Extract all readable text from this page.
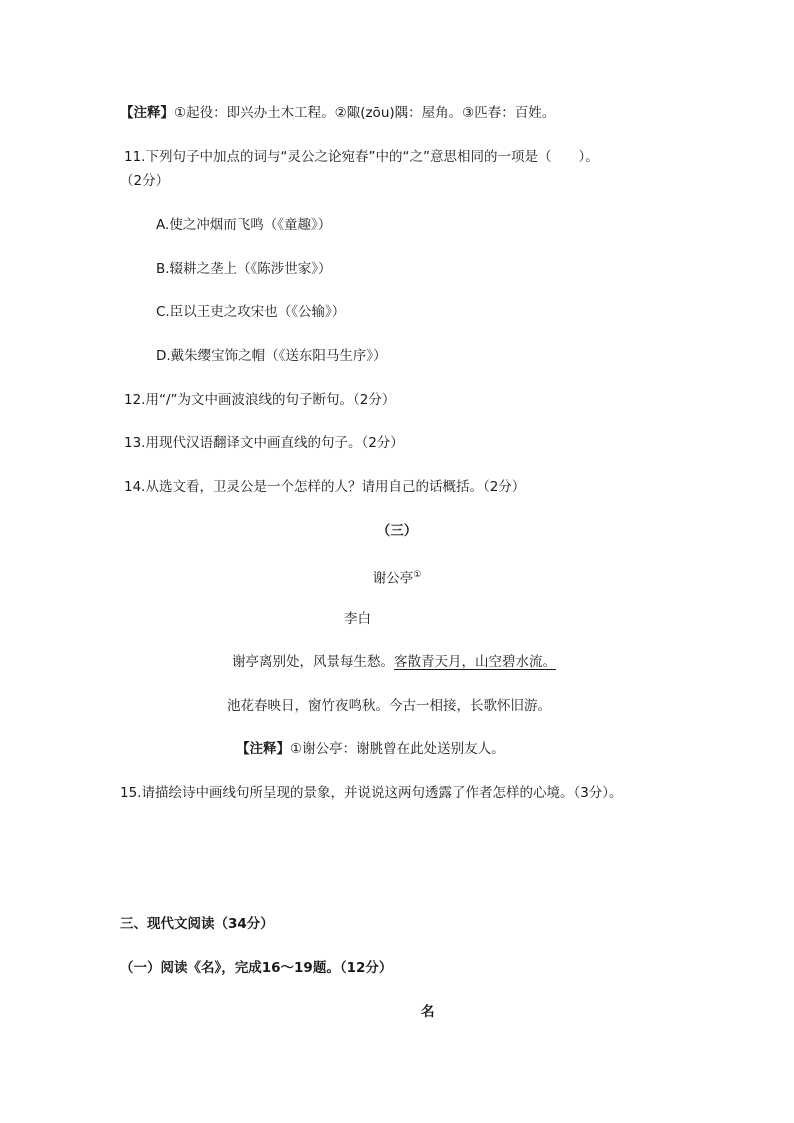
【注释】①起役：即兴办土木工程。②陬(zōu)隅：屋角。③匹春：百姓。
11.下列句子中加点的词与“灵公之论宛春”中的“之”意思相同的一项是（　　）。
（2分）
A.使之冲烟而飞鸣（《童趣》）
B.辍耕之垄上（《陈涉世家》）
C.臣以王吏之攻宋也（《公输》）
D.戴朱缨宝饰之帽（《送东阳马生序》）
12.用“/”为文中画波浪线的句子断句。（2分）
13.用现代汉语翻译文中画直线的句子。（2分）
14.从选文看，卫灵公是一个怎样的人？请用自己的话概括。（2分）
（三）
谢公亭①
李白
谢亭离别处，风景每生愁。客散青天月，山空碧水流。
池花春映日，窗竹夜鸣秋。今古一相接，长歌怀旧游。
【注释】①谢公亭：谢朓曾在此处送别友人。
15.请描绘诗中画线句所呈现的景象，并说说这两句透露了作者怎样的心境。（3分）。
三、现代文阅读（34分）
（一）阅读《名》，完成16～19题。（12分）
名
